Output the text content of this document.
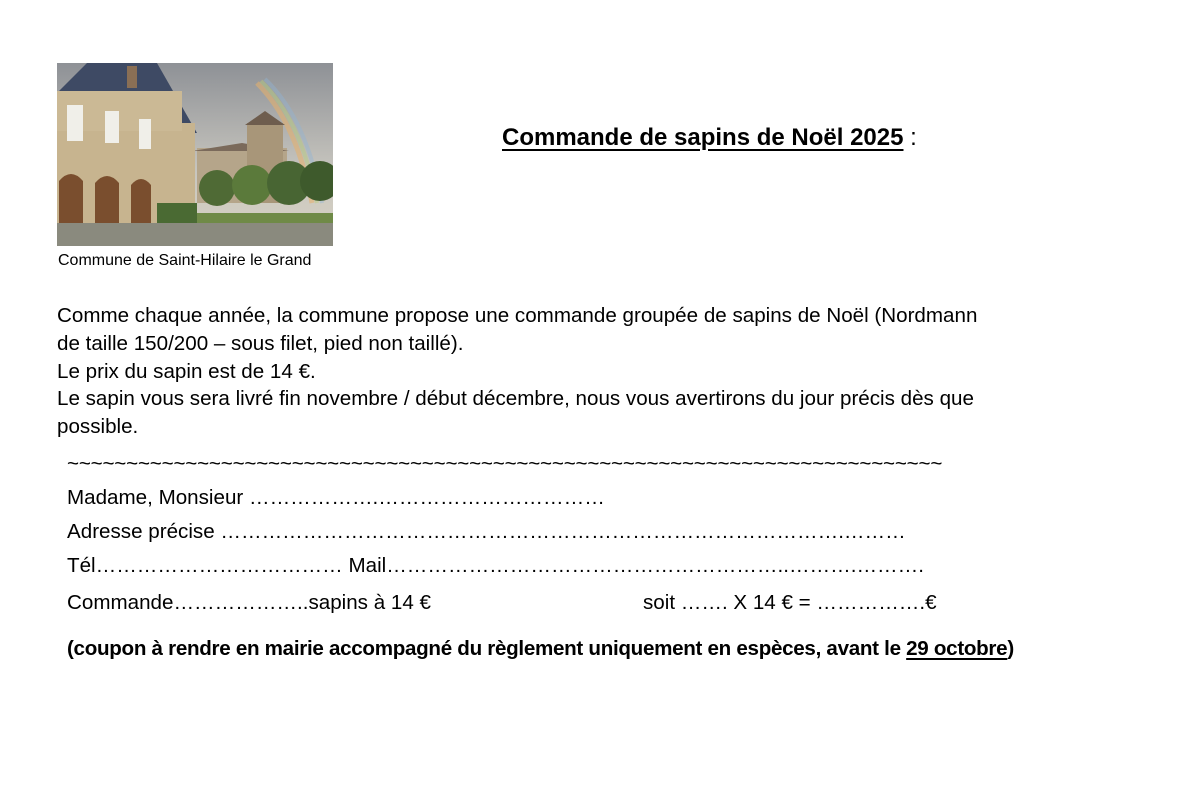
Commune de Saint-Hilaire le Grand
Commande de sapins de Noël 2025 :
Comme chaque année, la commune propose une commande groupée de sapins de Noël (Nordmann
de taille 150/200 – sous filet, pied non taillé).
Le prix du sapin est de 14 €.
Le sapin vous sera livré fin novembre / début décembre, nous vous avertirons du jour précis dès que
possible.
~~~~~~~~~~~~~~~~~~~~~~~~~~~~~~~~~~~~~~~~~~~~~~~~~~~~~~~~~~~~~~~~~~~~~~~~~~
Madame, Monsieur ……………….……………………………
Adresse précise ……………………………………………………………………………….………
Tél……………………………… Mail…………………………………………………..……….……….
Commande………………..sapins à 14 €	soit ……. X 14 € = …………….€
(coupon à rendre en mairie accompagné du règlement uniquement en espèces, avant le 29 octobre)
